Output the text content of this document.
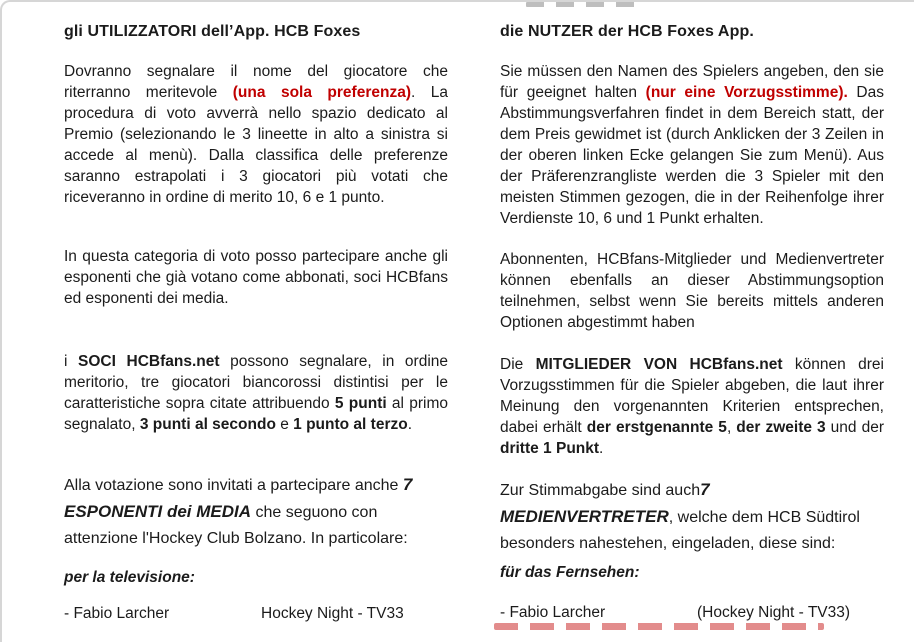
gli UTILIZZATORI dell’App. HCB Foxes

Dovranno segnalare il nome del giocatore che riterranno meritevole (una sola preferenza). La procedura di voto avverrà nello spazio dedicato al Premio (selezionando le 3 lineette in alto a sinistra si accede al menù). Dalla classifica delle preferenze saranno estrapolati i 3 giocatori più votati che riceveranno in ordine di merito 10, 6 e 1 punto.

In questa categoria di voto posso partecipare anche gli esponenti che già votano come abbonati, soci HCBfans ed esponenti dei media.

i SOCI HCBfans.net possono segnalare, in ordine meritorio, tre giocatori biancorossi distintisi per le caratteristiche sopra citate attribuendo 5 punti al primo segnalato, 3 punti al secondo e 1 punto al terzo.

Alla votazione sono invitati a partecipare anche 7 ESPONENTI dei MEDIA che seguono con attenzione l'Hockey Club Bolzano. In particolare:

per la televisione:

- Fabio Larcher	Hockey Night - TV33
die NUTZER der HCB Foxes App.

Sie müssen den Namen des Spielers angeben, den sie für geeignet halten (nur eine Vorzugsstimme). Das Abstimmungsverfahren findet in dem Bereich statt, der dem Preis gewidmet ist (durch Anklicken der 3 Zeilen in der oberen linken Ecke gelangen Sie zum Menü). Aus der Präferenzrangliste werden die 3 Spieler mit den meisten Stimmen gezogen, die in der Reihenfolge ihrer Verdienste 10, 6 und 1 Punkt erhalten.

Abonnenten, HCBfans-Mitglieder und Medienvertreter können ebenfalls an dieser Abstimmungsoption teilnehmen, selbst wenn Sie bereits mittels anderen Optionen abgestimmt haben

Die MITGLIEDER VON HCBfans.net können drei Vorzugsstimmen für die Spieler abgeben, die laut ihrer Meinung den vorgenannten Kriterien entsprechen, dabei erhält der erstgenannte 5, der zweite 3 und der dritte 1 Punkt.

Zur Stimmabgabe sind auch7 MEDIENVERTRETER, welche dem HCB Südtirol besonders nahestehen, eingeladen, diese sind:

für das Fernsehen:

- Fabio Larcher	(Hockey Night - TV33)
